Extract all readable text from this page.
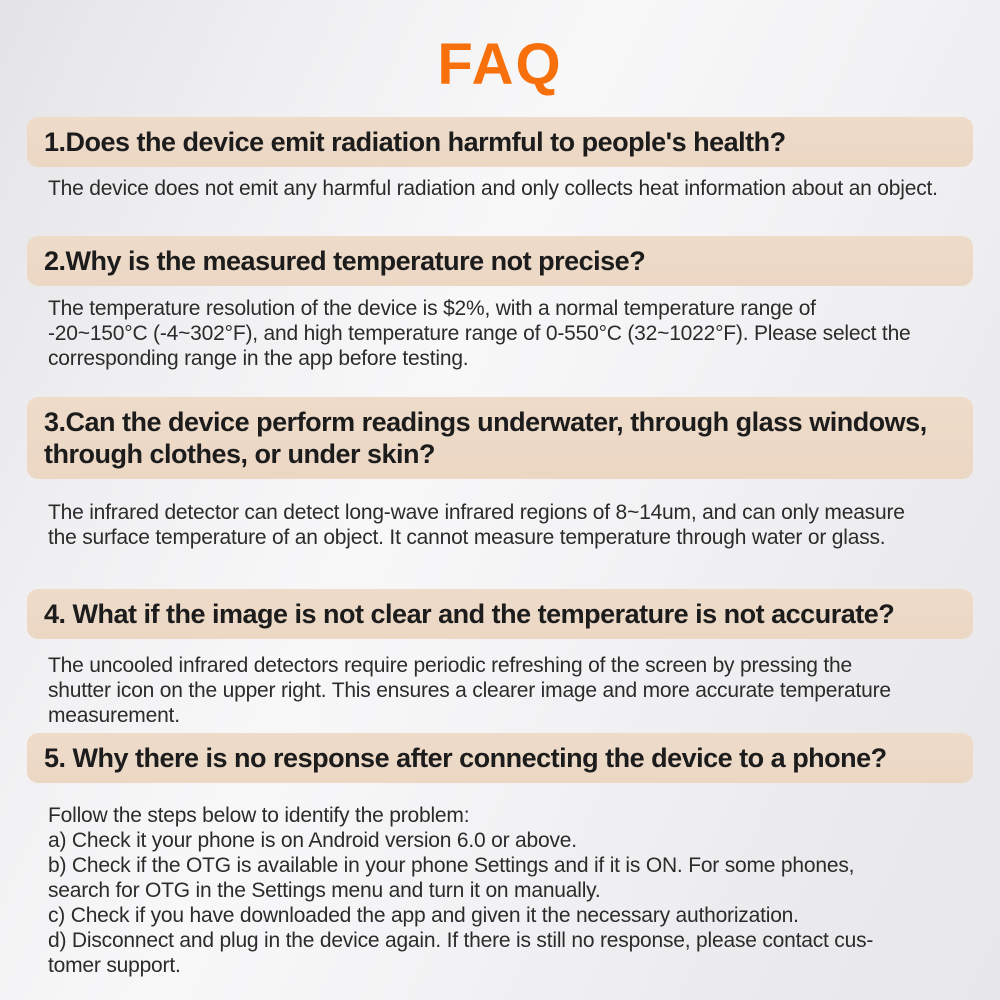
FAQ
1.Does the device emit radiation harmful to people's health?
The device does not emit any harmful radiation and only collects heat information about an object.
2.Why is the measured temperature not precise?
The temperature resolution of the device is $2%, with a normal temperature range of
-20~150°C (-4~302°F), and high temperature range of 0-550°C (32~1022°F). Please select the
corresponding range in the app before testing.
3.Can the device perform readings underwater, through glass windows,
through clothes, or under skin?
The infrared detector can detect long-wave infrared regions of 8~14um, and can only measure
the surface temperature of an object. It cannot measure temperature through water or glass.
4. What if the image is not clear and the temperature is not accurate?
The uncooled infrared detectors require periodic refreshing of the screen by pressing the
shutter icon on the upper right. This ensures a clearer image and more accurate temperature
measurement.
5. Why there is no response after connecting the device to a phone?
Follow the steps below to identify the problem:
a) Check it your phone is on Android version 6.0 or above.
b) Check if the OTG is available in your phone Settings and if it is ON. For some phones,
search for OTG in the Settings menu and turn it on manually.
c) Check if you have downloaded the app and given it the necessary authorization.
d) Disconnect and plug in the device again. If there is still no response, please contact cus-
tomer support.
